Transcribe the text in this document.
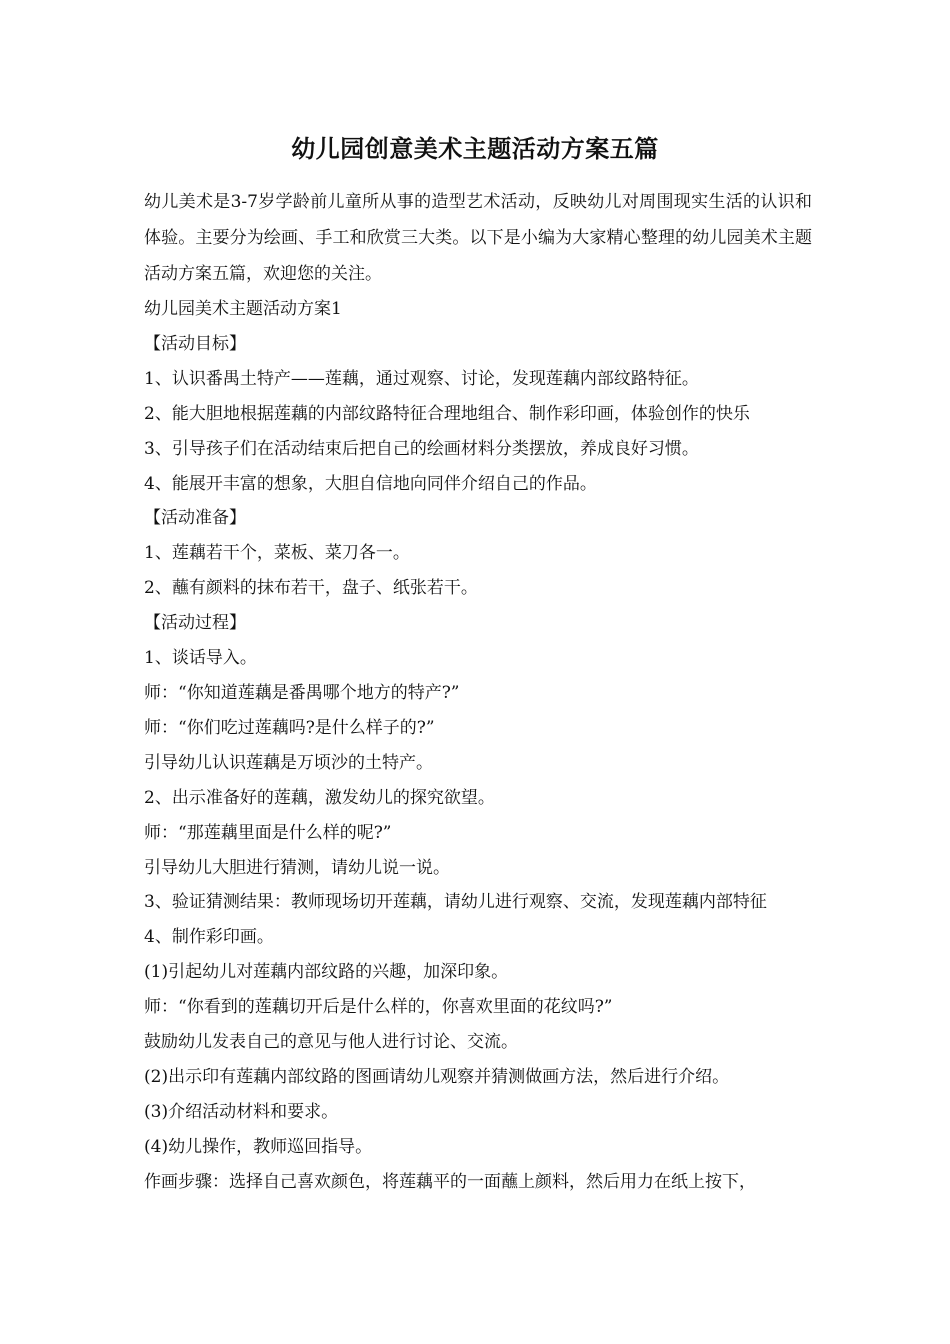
幼儿园创意美术主题活动方案五篇

幼儿美术是3-7岁学龄前儿童所从事的造型艺术活动，反映幼儿对周围现实生活的认识和体验。主要分为绘画、手工和欣赏三大类。以下是小编为大家精心整理的幼儿园美术主题活动方案五篇，欢迎您的关注。

幼儿园美术主题活动方案1

【活动目标】

1、认识番禺土特产——莲藕，通过观察、讨论，发现莲藕内部纹路特征。

2、能大胆地根据莲藕的内部纹路特征合理地组合、制作彩印画，体验创作的快乐

3、引导孩子们在活动结束后把自己的绘画材料分类摆放，养成良好习惯。

4、能展开丰富的想象，大胆自信地向同伴介绍自己的作品。

【活动准备】

1、莲藕若干个，菜板、菜刀各一。

2、蘸有颜料的抹布若干，盘子、纸张若干。

【活动过程】

1、谈话导入。

师：“你知道莲藕是番禺哪个地方的特产?”

师：“你们吃过莲藕吗?是什么样子的?”

引导幼儿认识莲藕是万顷沙的土特产。

2、出示准备好的莲藕，激发幼儿的探究欲望。

师：“那莲藕里面是什么样的呢?”

引导幼儿大胆进行猜测，请幼儿说一说。

3、验证猜测结果：教师现场切开莲藕，请幼儿进行观察、交流，发现莲藕内部特征

4、制作彩印画。

(1)引起幼儿对莲藕内部纹路的兴趣，加深印象。

师：“你看到的莲藕切开后是什么样的，你喜欢里面的花纹吗?”

鼓励幼儿发表自己的意见与他人进行讨论、交流。

(2)出示印有莲藕内部纹路的图画请幼儿观察并猜测做画方法，然后进行介绍。

(3)介绍活动材料和要求。

(4)幼儿操作，教师巡回指导。

作画步骤：选择自己喜欢颜色，将莲藕平的一面蘸上颜料，然后用力在纸上按下，
